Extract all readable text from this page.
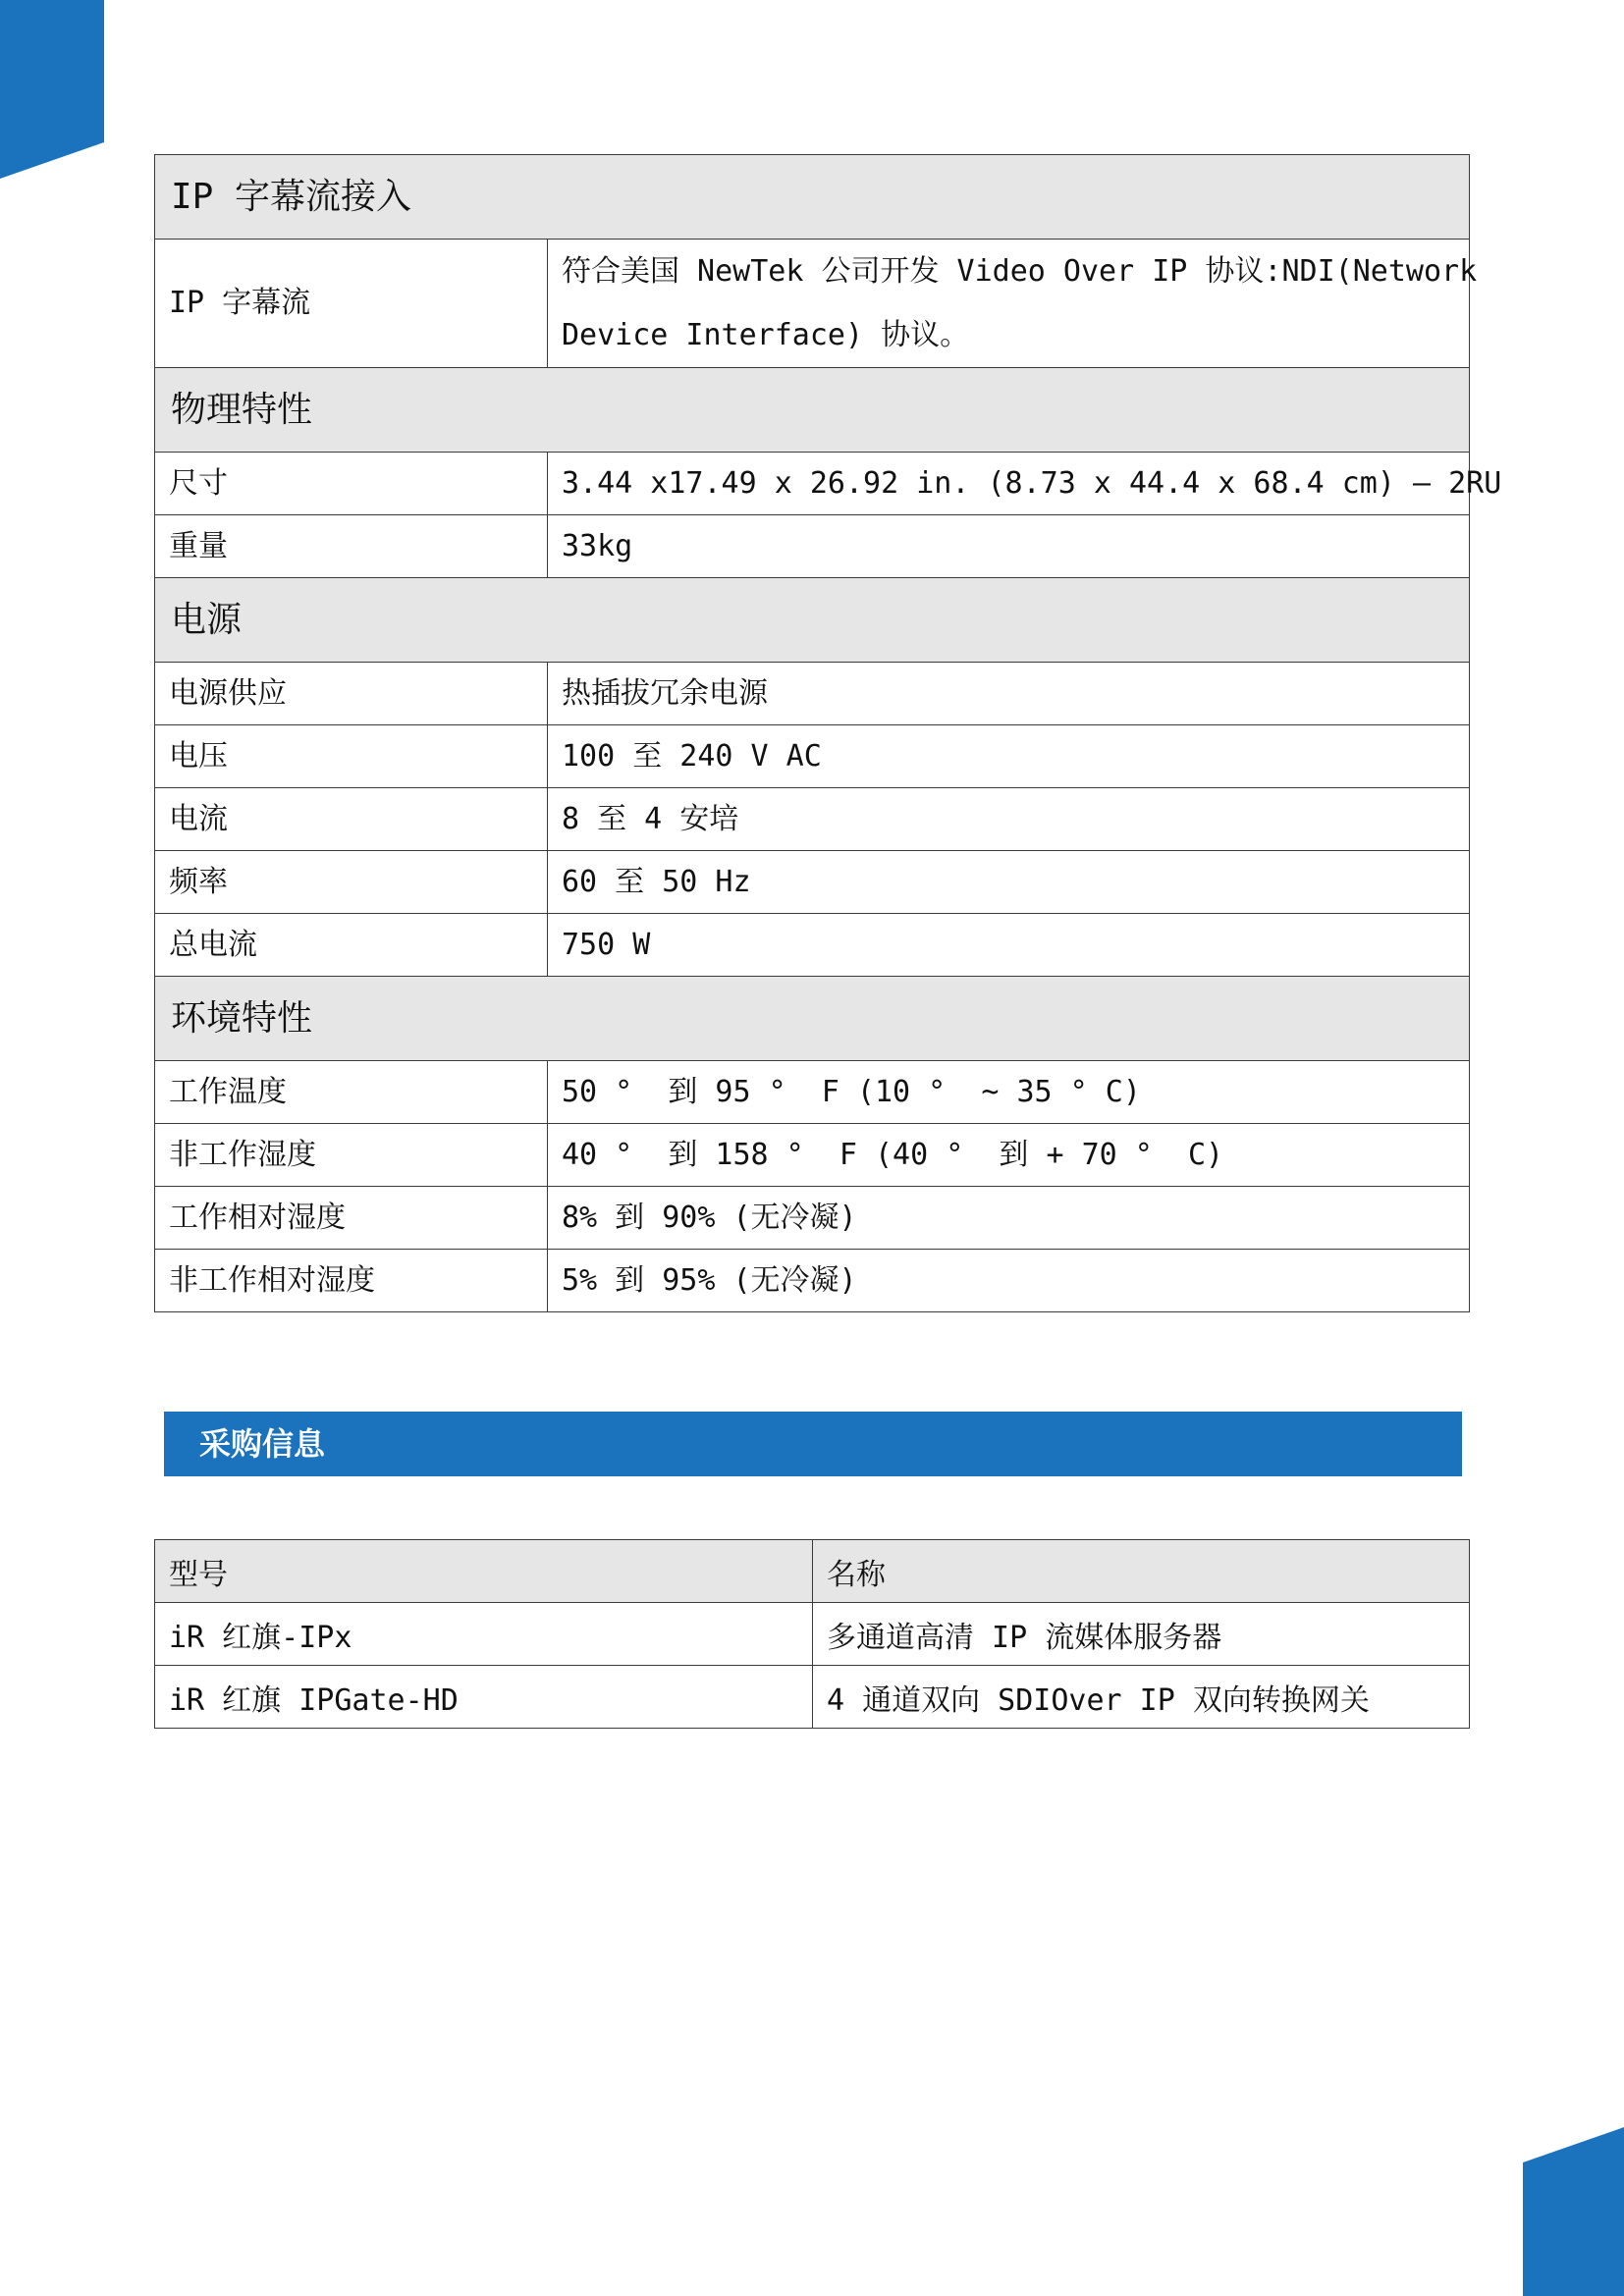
IP 字幕流接入	
IP 字幕流	符合美国 NewTek 公司开发 Video Over IP 协议:NDI(Network
Device Interface) 协议。

物理特性	
尺寸	3.44 x17.49 x 26.92 in. (8.73 x 44.4 x 68.4 cm) – 2RU

重量	33kg

电源	
电源供应	热插拔冗余电源

电压	100 至 240 V AC

电流	8 至 4 安培

频率	60 至 50 Hz

总电流	750 W

环境特性	
工作温度	50 °  到 95 °  F (10 °  ~ 35 ° C)

非工作湿度	40 °  到 158 °  F (40 °  到 + 70 °  C)

工作相对湿度	8% 到 90% (无冷凝)

非工作相对湿度	5% 到 95% (无冷凝)
采购信息
型号	名称
iR 红旗-IPx	多通道高清 IP 流媒体服务器
iR 红旗 IPGate-HD	4 通道双向 SDIOver IP 双向转换网关
